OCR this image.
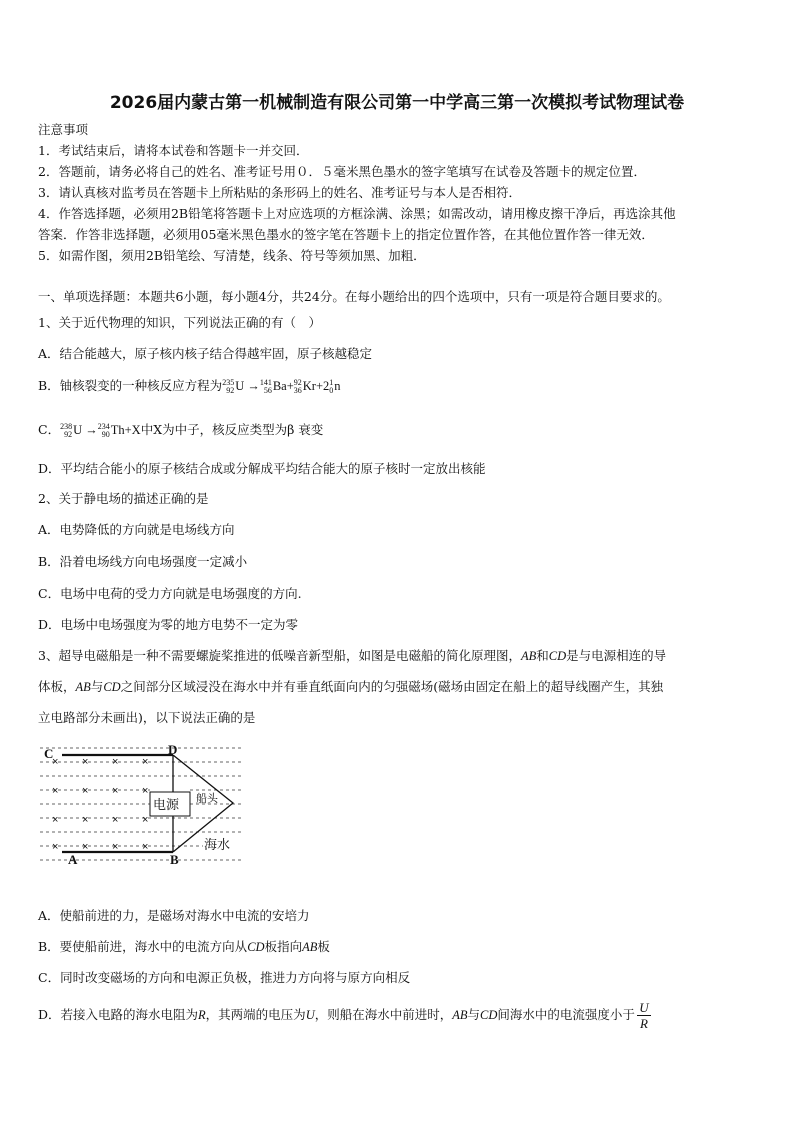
2026届内蒙古第一机械制造有限公司第一中学高三第一次模拟考试物理试卷
注意事项
1．考试结束后，请将本试卷和答题卡一并交回．
2．答题前，请务必将自己的姓名、准考证号用０．５毫米黑色墨水的签字笔填写在试卷及答题卡的规定位置．
3．请认真核对监考员在答题卡上所粘贴的条形码上的姓名、准考证号与本人是否相符．
4．作答选择题，必须用2B铅笔将答题卡上对应选项的方框涂满、涂黑；如需改动，请用橡皮擦干净后，再选涂其他
答案．作答非选择题，必须用05毫米黑色墨水的签字笔在答题卡上的指定位置作答，在其他位置作答一律无效．
5．如需作图，须用2B铅笔绘、写清楚，线条、符号等须加黑、加粗．
一、单项选择题：本题共6小题，每小题4分，共24分。在每小题给出的四个选项中，只有一项是符合题目要求的。
1、关于近代物理的知识，下列说法正确的有（　）
A．结合能越大，原子核内核子结合得越牢固，原子核越稳定
B．铀核裂变的一种核反应方程为 235
92 U → 141
56 Ba+ 92
36 Kr+2 1
0 n
C． 238
92 U → 234
90 Th+X中X为中子，核反应类型为β 衰变
D．平均结合能小的原子核结合成或分解成平均结合能大的原子核时一定放出核能
2、关于静电场的描述正确的是
A．电势降低的方向就是电场线方向
B．沿着电场线方向电场强度一定减小
C．电场中电荷的受力方向就是电场强度的方向.
D．电场中电场强度为零的地方电势不一定为零
3、超导电磁船是一种不需要螺旋桨推进的低噪音新型船，如图是电磁船的简化原理图，AB和CD是与电源相连的导
体板，AB与CD之间部分区域浸没在海水中并有垂直纸面向内的匀强磁场(磁场由固定在船上的超导线圈产生，其独
立电路部分未画出)，以下说法正确的是
× × × ×
× × × ×
× × × ×
× × × ×
电源 船头
海水
C	D
A	B
A．使船前进的力，是磁场对海水中电流的安培力
B．要使船前进，海水中的电流方向从CD板指向AB板
C．同时改变磁场的方向和电源正负极，推进力方向将与原方向相反
D．若接入电路的海水电阻为R，其两端的电压为U，则船在海水中前进时，AB与CD间海水中的电流强度小于 $\frac{U}{R}$
